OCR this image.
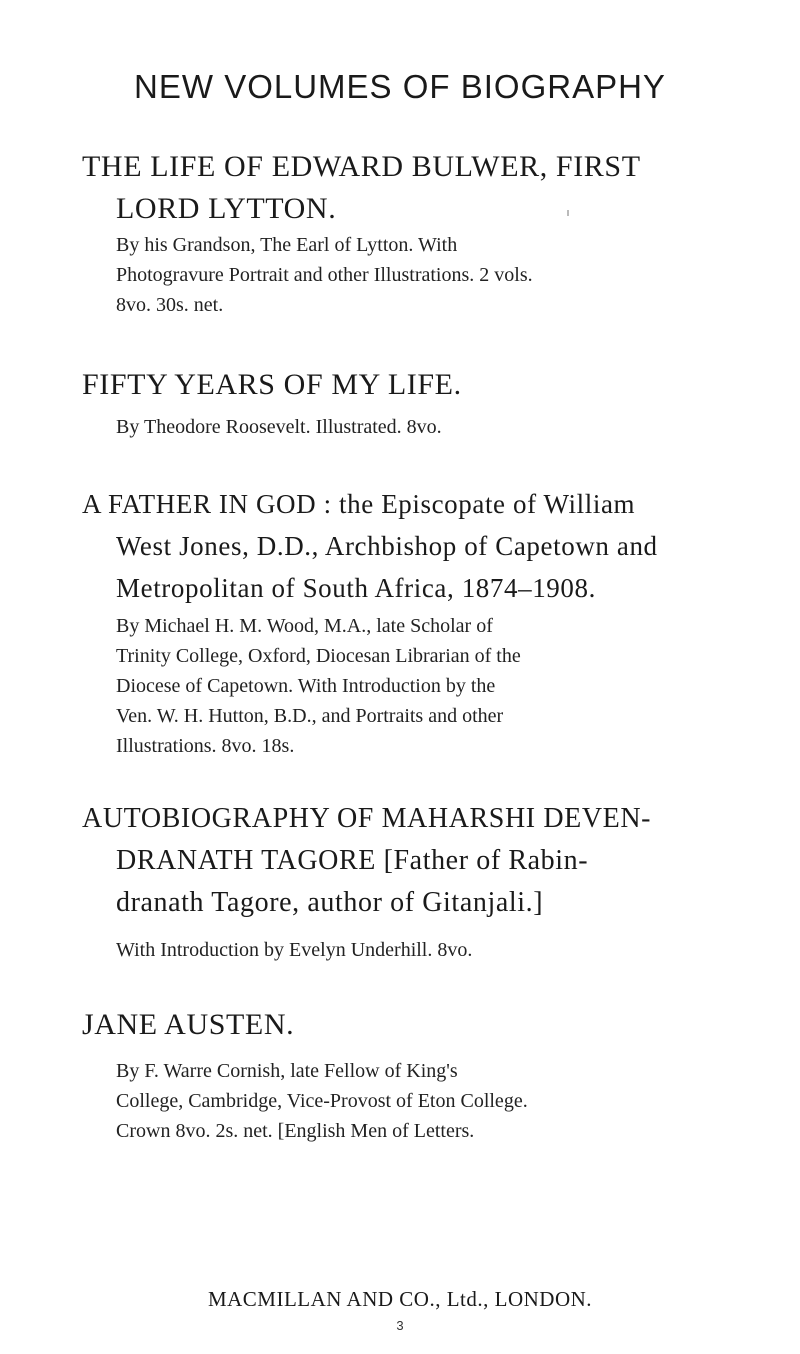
NEW VOLUMES OF BIOGRAPHY
THE LIFE OF EDWARD BULWER, FIRST
LORD LYTTON.
By his Grandson, The Earl of Lytton. With
Photogravure Portrait and other Illustrations. 2 vols.
8vo. 30s. net.
FIFTY YEARS OF MY LIFE.
By Theodore Roosevelt. Illustrated. 8vo.
A FATHER IN GOD : the Episcopate of William
West Jones, D.D., Archbishop of Capetown and
Metropolitan of South Africa, 1874–1908.
By Michael H. M. Wood, M.A., late Scholar of
Trinity College, Oxford, Diocesan Librarian of the
Diocese of Capetown. With Introduction by the
Ven. W. H. Hutton, B.D., and Portraits and other
Illustrations. 8vo. 18s.
AUTOBIOGRAPHY OF MAHARSHI DEVEN-
DRANATH TAGORE [Father of Rabin-
dranath Tagore, author of Gitanjali.]
With Introduction by Evelyn Underhill. 8vo.
JANE AUSTEN.
By F. Warre Cornish, late Fellow of King's
College, Cambridge, Vice-Provost of Eton College.
Crown 8vo. 2s. net. [English Men of Letters.
MACMILLAN AND CO., Ltd., LONDON.
3
